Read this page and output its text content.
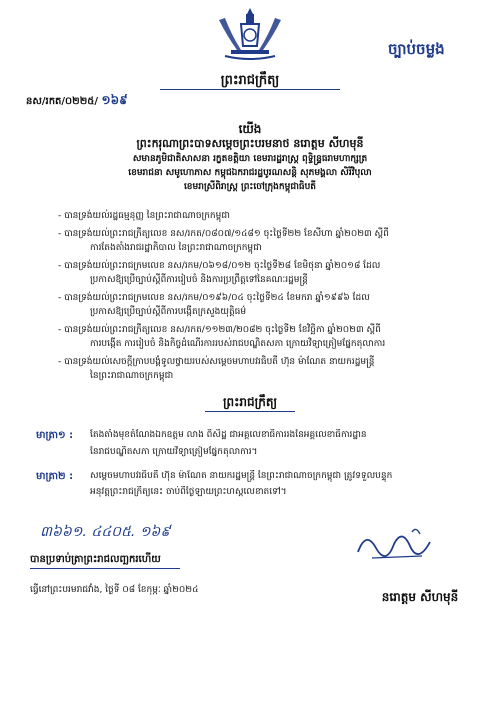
ច្បាប់ចម្លង
ព្រះរាជក្រឹត្យ
នស/រកត/០២២៥/ ១៦៩
យើង
ព្រះករុណាព្រះបាទសម្តេចព្រះបរមនាថ នរោត្តម សីហមុនី
សមានភូមិជាតិសាសនា រក្ខតខត្តិយា ខេមរារដ្ឋរាស្ត្រ ពុទ្ធិន្ទ្រធរាមហាក្សត្រ
ខេមរាជនា សមូហោភាស កម្ពុជឯករាជរដ្ឋបូរណសន្តិ សុភមង្គលា សិរីវិបុលា
ខេមរាស្រីពិរាស្ត្រ ព្រះចៅក្រុងកម្ពុជាធិបតី
- បានទ្រង់យល់រដ្ឋធម្មនុញ្ញ នៃព្រះរាជាណាចក្រកម្ពុជា
- បានទ្រង់យល់ព្រះរាជក្រឹត្យលេខ នស/រកត/០៨០៧/១៤៨១ ចុះថ្ងៃទី២២ ខែសីហា ឆ្នាំ២០២៣ ស្តីពី
ការតែងតាំងរាជរដ្ឋាភិបាល នៃព្រះរាជាណាចក្រកម្ពុជា
- បានទ្រង់យល់ព្រះរាជក្រមលេខ នស/រកម/០៦១៨/០១២ ចុះថ្ងៃទី២៨ ខែមិថុនា ឆ្នាំ២០១៨ ដែល
ប្រកាសឱ្យប្រើច្បាប់ស្តីពីការរៀបចំ និងការប្រព្រឹត្តទៅនៃគណៈរដ្ឋមន្ត្រី
- បានទ្រង់យល់ព្រះរាជក្រមលេខ នស/រកម/០១៩៦/០៤ ចុះថ្ងៃទី២៤ ខែមករា ឆ្នាំ១៩៩៦ ដែល
ប្រកាសឱ្យប្រើច្បាប់ស្តីពីការបង្កើតក្រសួងយុត្តិធម៌
- បានទ្រង់យល់ព្រះរាជក្រឹត្យលេខ នស/រកត/១១២៣/២០៨២ ចុះថ្ងៃទី២ ខែវិច្ឆិកា ឆ្នាំ២០២៣ ស្តីពី
ការបង្កើត ការរៀបចំ និងកិច្ចដំណើរការរបស់រាជបណ្ឌិតសភា ក្រោយវិទ្យាត្រៀមផ្នែកតុលាការ
- បានទ្រង់យល់សេចក្តីក្រាបបង្គំទូលថ្វាយរបស់សម្តេចមហាបវរធិបតី ហ៊ុន ម៉ាណែត នាយករដ្ឋមន្ត្រី
នៃព្រះរាជាណាចក្រកម្ពុជា
ព្រះរាជក្រឹត្យ
មាត្រា១ :	តែងតាំងមុខតំណែងឯកឧត្តម លាង ពិសិដ្ឋ ជាអគ្គលេខាធិការរងនៃអគ្គលេខាធិការដ្ឋាន
នៃរាជបណ្ឌិតសភា ក្រោយវិទ្យាត្រៀមផ្នែកតុលាការ។
មាត្រា២ :	សម្តេចមហាបវរធិបតី ហ៊ុន ម៉ាណែត នាយករដ្ឋមន្ត្រី នៃព្រះរាជាណាចក្រកម្ពុជា ត្រូវទទួលបន្ទុក
អនុវត្តព្រះរាជក្រឹត្យនេះ ចាប់ពីថ្ងៃឡាយព្រះហស្តលេខាតទៅ។
៣៦៦១. ៤៤០៥. ១៦៩
បានប្រទាប់ត្រាព្រះរាជលញ្ឆករហើយ
ធ្វើនៅព្រះបរមរាជវាំង, ថ្ងៃទី ០៨ ខែកុម្ភៈ ឆ្នាំ២០២៤	នរោត្តម សីហមុនី
